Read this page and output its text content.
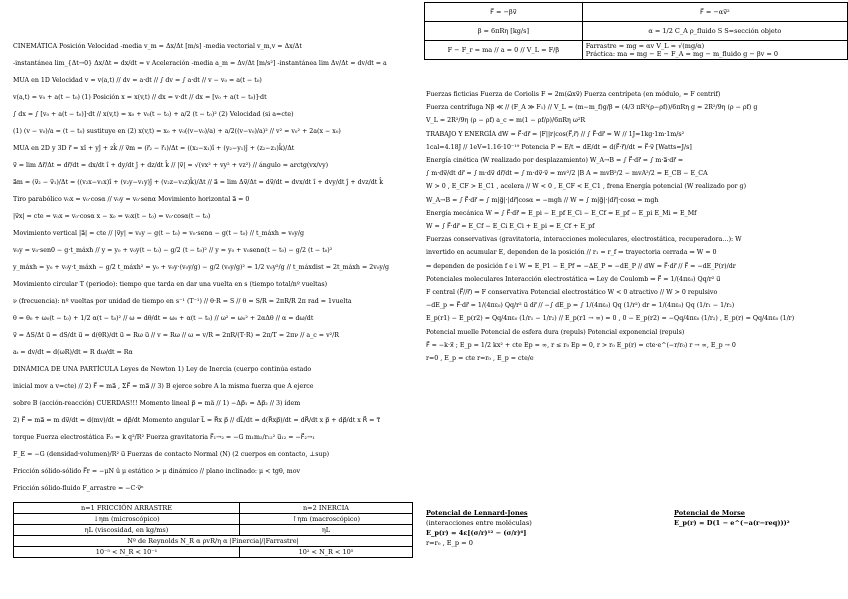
CINEMÁTICA Posición Velocidad -media v_m = Δx/Δt [m/s] -media vectorial v_m,v = Δx/Δt
-instantánea lim_{Δt→0} Δx/Δt = dx/dt = v Aceleración -media a_m = Δv/Δt [m/s²] -instantánea lim Δv/Δt = dv/dt = a
MUA en 1D Velocidad v = v(a,t) // dv = a·dt // ∫ dv = ∫ a·dt // v − v₀ = a(t − t₀)
v(a,t) = v₀ + a(t − t₀) (1) Posición x = x(v,t) // dx = v·dt // dx = [v₀ + a(t − t₀)]·dt
∫ dx = ∫ [v₀ + a(t − t₀)]·dt // x(v,t) = x₀ + v₀(t − t₀) + a/2 (t − t₀)² (2) Velocidad (si a=cte)
(1) (v − v₀)/a = (t − t₀) sustituye en (2) x(v,t) = x₀ + v₀((v−v₀)/a) + a/2((v−v₀)/a)² // v² = v₀² + 2a(x − x₀)
MUA en 2D y 3D r⃗ = xî + yĵ + zk̂ // v⃗m = (r⃗₂ − r⃗₁)/Δt = ((x₂−x₁)î + (y₂−y₁)ĵ + (z₂−z₁)k̂)/Δt
v⃗ = lim Δr⃗/Δt = dr⃗/dt = dx/dt î + dy/dt ĵ + dz/dt k̂ // |v⃗| = √(vx² + vy² + vz²) // ángulo = arctg(vx/vy)
a⃗m = (v⃗₂ − v⃗₁)/Δt = ((v₂x−v₁x)î + (v₂y−v₁y)ĵ + (v₂z−v₁z)k̂)/Δt // a⃗ = lim Δv⃗/Δt = dv⃗/dt = dvx/dt î + dvy/dt ĵ + dvz/dt k̂
Tiro parabólico v₀x = v₀·cosα // v₀y = v₀·senα Movimiento horizontal a⃗ = 0
|v⃗x| = cte = v₀x = v₀·cosα x − x₀ = v₀x(t − t₀) = v₀·cosα(t − t₀)
Movimiento vertical |a⃗| = cte // |v⃗y| = v₀y − g(t − t₀) = v₀·senα − g(t − t₀) // t_máxh = v₀y/g
v₀y = v₀·sen0 − g·t_máxh // y = y₀ + v₀y(t − t₀) − g/2 (t − t₀)² // y = y₀ + v₀senα(t − t₀) − g/2 (t − t₀)²
y_máxh = y₀ + v₀y·t_máxh − g/2 t_máxh² = y₀ + v₀y·(v₀y/g) − g/2 (v₀y/g)² = 1/2 v₀y²/g // t_máxdist = 2t_máxh = 2v₀y/g
Movimiento circular T (periodo): tiempo que tarda en dar una vuelta en s (tiempo total/nº vueltas)
ν (frecuencia): nº vueltas por unidad de tiempo en s⁻¹ (T⁻¹) // θ·R = S // θ = S/R = 2πR/R 2π rad = 1vuelta
θ = θ₀ + ω₀(t − t₀) + 1/2 α(t − t₀)² // ω = dθ/dt = ω₀ + α(t − t₀) // ω² = ω₀² + 2αΔθ // α = dω/dt
v⃗ = ΔS/Δt u⃗ = dS/dt u⃗ = d(θR)/dt u⃗ = Rω u⃗ // v = Rω // ω = v/R = 2πR/(T·R) = 2π/T = 2πν // a_c = v²/R
aₜ = dv/dt = d(ωR)/dt = R dω/dt = Rα
DINÁMICA DE UNA PARTÍCULA Leyes de Newton 1) Ley de Inercia (cuerpo continúa estado
inicial mov a v=cte) // 2) F⃗ = ma⃗ , ΣF⃗ = ma⃗ // 3) B ejerce sobre A la misma fuerza que A ejerce
sobre B (acción-reacción) CUERDAS!!! Momento lineal p⃗ = mä // 1) −Δp⃗₁ = Δp⃗₂ // 3) ídem
2) F⃗ = ma⃗ = m dv⃗/dt = d(mv)/dt = dp⃗/dt Momento angular L⃗ = R⃗x p⃗ // dL⃗/dt = d(R⃗xp⃗)/dt = dR⃗/dt x p⃗ + dp⃗/dt x R⃗ = τ⃗
torque Fuerza electrostática F₀ = k q²/R² Fuerza gravitatoria F⃗₁→₂ = −G m₁m₂/r₁₂² u⃗₁₂ = −F⃗₂→₁
F_E = −G (densidad·volumen)/R² u⃗ Fuerzas de contacto Normal (N) (2 cuerpos en contacto, ⊥sup)
Fricción sólido-sólido F⃗r = −μN û μ estático > μ dinámico // plano inclinado: μ < tgθ, mov
Fricción sólido-fluido F_arrastre = −C·v⃗ⁿ
n=1 FRICCIÓN ARRASTRE	n=2 INERCIA
↓ηm (microscópico)	↑ηm (macroscópico)
ηL (viscosidad, en kg/ms)	ηL
Nº de Reynolds N_R α ρvR/η α |Finercia|/|Farrastre|	
10⁻⁵ < N_R < 10⁻¹	10² < N_R < 10⁵
F⃗ = −βv⃗	F⃗ = −αv⃗²
β = 6πRη [kg/s]	α = 1/2 C_A ρ_fluido S S=sección objeto
F − F_r = ma // a = 0 // V_L = F/β	Farrastre = mg = αv V_L = √(mg/α)
Práctica: ma = mg − E − F_A = mg − m_fluido g − βv = 0
Fuerzas ficticias Fuerza de Coriolis F = 2m(ω⃗xv⃗) Fuerza centrípeta (en módulo, = F centrif)
Fuerza centrífuga Nβ ≪ // (F_A ≫ F₁) // V_L = (m−m_f)g/β = (4/3 πR³(ρ−ρf))/6πRη g = 2R²/9η (ρ − ρf) g
V_L = 2R²/9η (ρ − ρf) a_c = m(1 − ρf/ρ)/6πRη ω²R
TRABAJO Y ENERGÍA dW = F⃗·dr⃗ = |F||r|cos(F⃗,r⃗) // ∫ F⃗·dr⃗ = W // 1J=1kg·1m·1m/s²
1cal=4.18J // 1eV=1.16·10⁻¹⁹ Potencia P = E/t = dE/dt = d(F⃗·r⃗)/dt = F⃗·v⃗ [Watts=J/s]
Energía cinética (W realizado por desplazamiento) W_A→B = ∫ F⃗·dr⃗ = ∫ m·a⃗·dr⃗ =
∫ m·dv⃗/dt dr⃗ = ∫ m·dv⃗ dr⃗/dt = ∫ m·dv⃗·v⃗ = mv²/2 |B A = mvB²/2 − mvA²/2 = E_CB − E_CA
W > 0 , E_CF > E_C1 , acelera // W < 0 , E_CF < E_C1 , frena Energía potencial (W realizado por g)
W_A→B = ∫ F⃗·dr⃗ = ∫ m|g⃗|·|dr⃗|cosα = −mgh // W = ∫ m|g⃗|·|dr⃗|·cosα = mgh
Energía mecánica W = ∫ F⃗·dr⃗ = E_pi − E_pf E_Ci − E_Cf = E_pf − E_pi E_Mi = E_Mf
W = ∫ F⃗·dr⃗ = E_Cf − E_Ci E_Ci + E_pi = E_Cf + E_pf
Fuerzas conservativas (gravitatoria, interacciones moleculares, electrostática, recuperadora…): W
invertido en acumular E, dependen de la posición // r₁ = r_f ⇒ trayectoria cerrada ⇒ W = 0
⇒ dependen de posición f e i W = E_P1 − E_Pf = −ΔE_P = −dE_P // dW = F⃗·dr⃗ // F⃗ = −dE_P(r)/dr
Potenciales moleculares Interacción electrostática ⇒ Ley de Coulomb ⇒ F⃗ = 1/(4πε₀) Qq/r² u⃗
F central (F⃗//r⃗) ⇒ F conservativa Potencial electrostático W < 0 atractivo // W > 0 repulsivo
−dE_p = F⃗·dr⃗ = 1/(4πε₀) Qq/r² u⃗ dr⃗ // −∫ dE_p = ∫ 1/(4πε₀) Qq (1/r²) dr = 1/(4πε₀) Qq (1/r₁ − 1/r₂)
E_p(r1) − E_p(r2) = Qq/4πε₀ (1/r₁ − 1/r₂) // E_p(r1 → ∞) = 0 , 0 − E_p(r2) = −Qq/4πε₀ (1/r₂) , E_p(r) = Qq/4πε₀ (1/r)
Potencial muelle Potencial de esfera dura (repuls) Potencial exponencial (repuls)
F⃗ = −k·x⃗ ; E_p = 1/2 kx² + cte Ep = ∞, r ≤ r₀ Ep = 0, r > r₀ E_p(r) = cte·e^(−r/r₀) r → ∞, E_p → 0
r=0 , E_p = cte r=r₀ , E_p = cte/e
Potencial de Lennard-Jones
(interacciones entre moléculas)
E_p(r) = 4ε[(σ/r)¹² − (σ/r)⁶]
r=r₀ , E_p = 0
Potencial de Morse
E_p(r) = D(1 − e^(−a(r−req)))²
